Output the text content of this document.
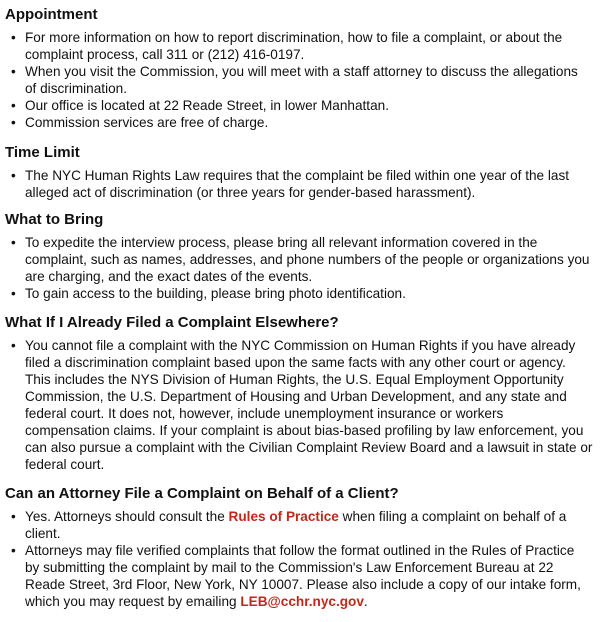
Appointment
• For more information on how to report discrimination, how to file a complaint, or about the
complaint process, call 311 or (212) 416-0197.
• When you visit the Commission, you will meet with a staff attorney to discuss the allegations
of discrimination.
• Our office is located at 22 Reade Street, in lower Manhattan.
• Commission services are free of charge.
Time Limit
• The NYC Human Rights Law requires that the complaint be filed within one year of the last
alleged act of discrimination (or three years for gender-based harassment).
What to Bring
• To expedite the interview process, please bring all relevant information covered in the
complaint, such as names, addresses, and phone numbers of the people or organizations you
are charging, and the exact dates of the events.
• To gain access to the building, please bring photo identification.
What If I Already Filed a Complaint Elsewhere?
• You cannot file a complaint with the NYC Commission on Human Rights if you have already
filed a discrimination complaint based upon the same facts with any other court or agency.
This includes the NYS Division of Human Rights, the U.S. Equal Employment Opportunity
Commission, the U.S. Department of Housing and Urban Development, and any state and
federal court. It does not, however, include unemployment insurance or workers
compensation claims. If your complaint is about bias-based profiling by law enforcement, you
can also pursue a complaint with the Civilian Complaint Review Board and a lawsuit in state or
federal court.
Can an Attorney File a Complaint on Behalf of a Client?
• Yes. Attorneys should consult the Rules of Practice when filing a complaint on behalf of a
client.
• Attorneys may file verified complaints that follow the format outlined in the Rules of Practice
by submitting the complaint by mail to the Commission's Law Enforcement Bureau at 22
Reade Street, 3rd Floor, New York, NY 10007. Please also include a copy of our intake form,
which you may request by emailing LEB@cchr.nyc.gov.
